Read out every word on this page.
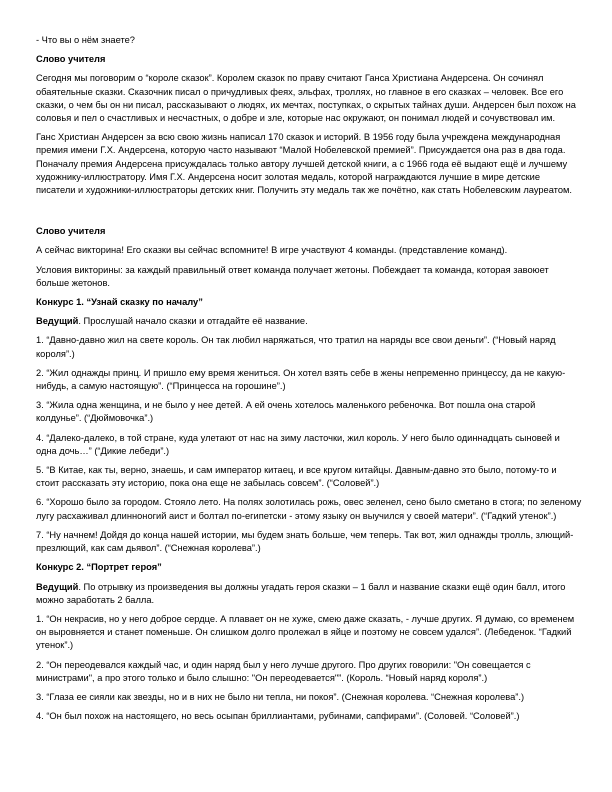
- Что вы о нём знаете?

Слово учителя

Сегодня мы поговорим о “короле сказок”. Королем сказок по праву считают Ганса Христиана Андерсена. Он сочинял обаятельные сказки. Сказочник писал о причудливых феях, эльфах, троллях, но главное в его сказках – человек. Все его сказки, о чем бы он ни писал, рассказывают о людях, их мечтах, поступках, о скрытых тайнах души. Андерсен был похож на соловья и пел о счастливых и несчастных, о добре и зле, которые нас окружают, он понимал людей и сочувствовал им.

Ганс Христиан Андерсен за всю свою жизнь написал 170 сказок и историй. В 1956 году была учреждена международная премия имени Г.Х. Андерсена, которую часто называют “Малой Нобелевской премией”. Присуждается она раз в два года. Поначалу премия Андерсена присуждалась только автору лучшей детской книги, а с 1966 года её выдают ещё и лучшему художнику-иллюстратору. Имя Г.Х. Андерсена носит золотая медаль, которой награждаются лучшие в мире детские писатели и художники-иллюстраторы детских книг. Получить эту медаль так же почётно, как стать Нобелевским лауреатом.

Слово учителя

А сейчас викторина! Его сказки вы сейчас вспомните! В игре участвуют 4 команды. (представление команд).

Условия викторины: за каждый правильный ответ команда получает жетоны. Побеждает та команда, которая завоюет больше жетонов.

Конкурс 1. “Узнай сказку по началу”

Ведущий. Прослушай начало сказки и отгадайте её название.

1. “Давно-давно жил на свете король. Он так любил наряжаться, что тратил на наряды все свои деньги”. (“Новый наряд короля”.)

2. “Жил однажды принц. И пришло ему время жениться. Он хотел взять себе в жены непременно принцессу, да не какую-нибудь, а самую настоящую”. (“Принцесса на горошине”.)

3. “Жила одна женщина, и не было у нее детей. А ей очень хотелось маленького ребеночка. Вот пошла она старой колдунье”. (“Дюймовочка”.)

4. “Далеко-далеко, в той стране, куда улетают от нас на зиму ласточки, жил король. У него было одиннадцать сыновей и одна дочь…” (“Дикие лебеди”.)

5. “В Китае, как ты, верно, знаешь, и сам император китаец, и все кругом китайцы. Давным-давно это было, потому-то и стоит рассказать эту историю, пока она еще не забылась совсем”. (“Соловей”.)

6. “Хорошо было за городом. Стояло лето. На полях золотилась рожь, овес зеленел, сено было сметано в стога; по зеленому лугу расхаживал длинноногий аист и болтал по-египетски - этому языку он выучился у своей матери”. (“Гадкий утенок”.)

7. “Ну начнем! Дойдя до конца нашей истории, мы будем знать больше, чем теперь. Так вот, жил однажды тролль, злющий- презлющий, как сам дьявол”. (“Снежная королева”.)

Конкурс 2. “Портрет героя”

Ведущий. По отрывку из произведения вы должны угадать героя сказки – 1 балл и название сказки ещё один балл, итого можно заработать 2 балла.

1. “Он некрасив, но у него доброе сердце. А плавает он не хуже, смею даже сказать, - лучше других. Я думаю, со временем он выровняется и станет поменьше. Он слишком долго пролежал в яйце и поэтому не совсем удался”. (Лебеденок. “Гадкий утенок”.)

2. “Он переодевался каждый час, и один наряд был у него лучше другого. Про других говорили: "Он совещается с министрами", а про этого только и было слышно: "Он переодевается"”. (Король. “Новый наряд короля”.)

3. “Глаза ее сияли как звезды, но и в них не было ни тепла, ни покоя”. (Снежная королева. “Снежная королева”.)

4. “Он был похож на настоящего, но весь осыпан бриллиантами, рубинами, сапфирами”. (Соловей. “Соловей”.)
